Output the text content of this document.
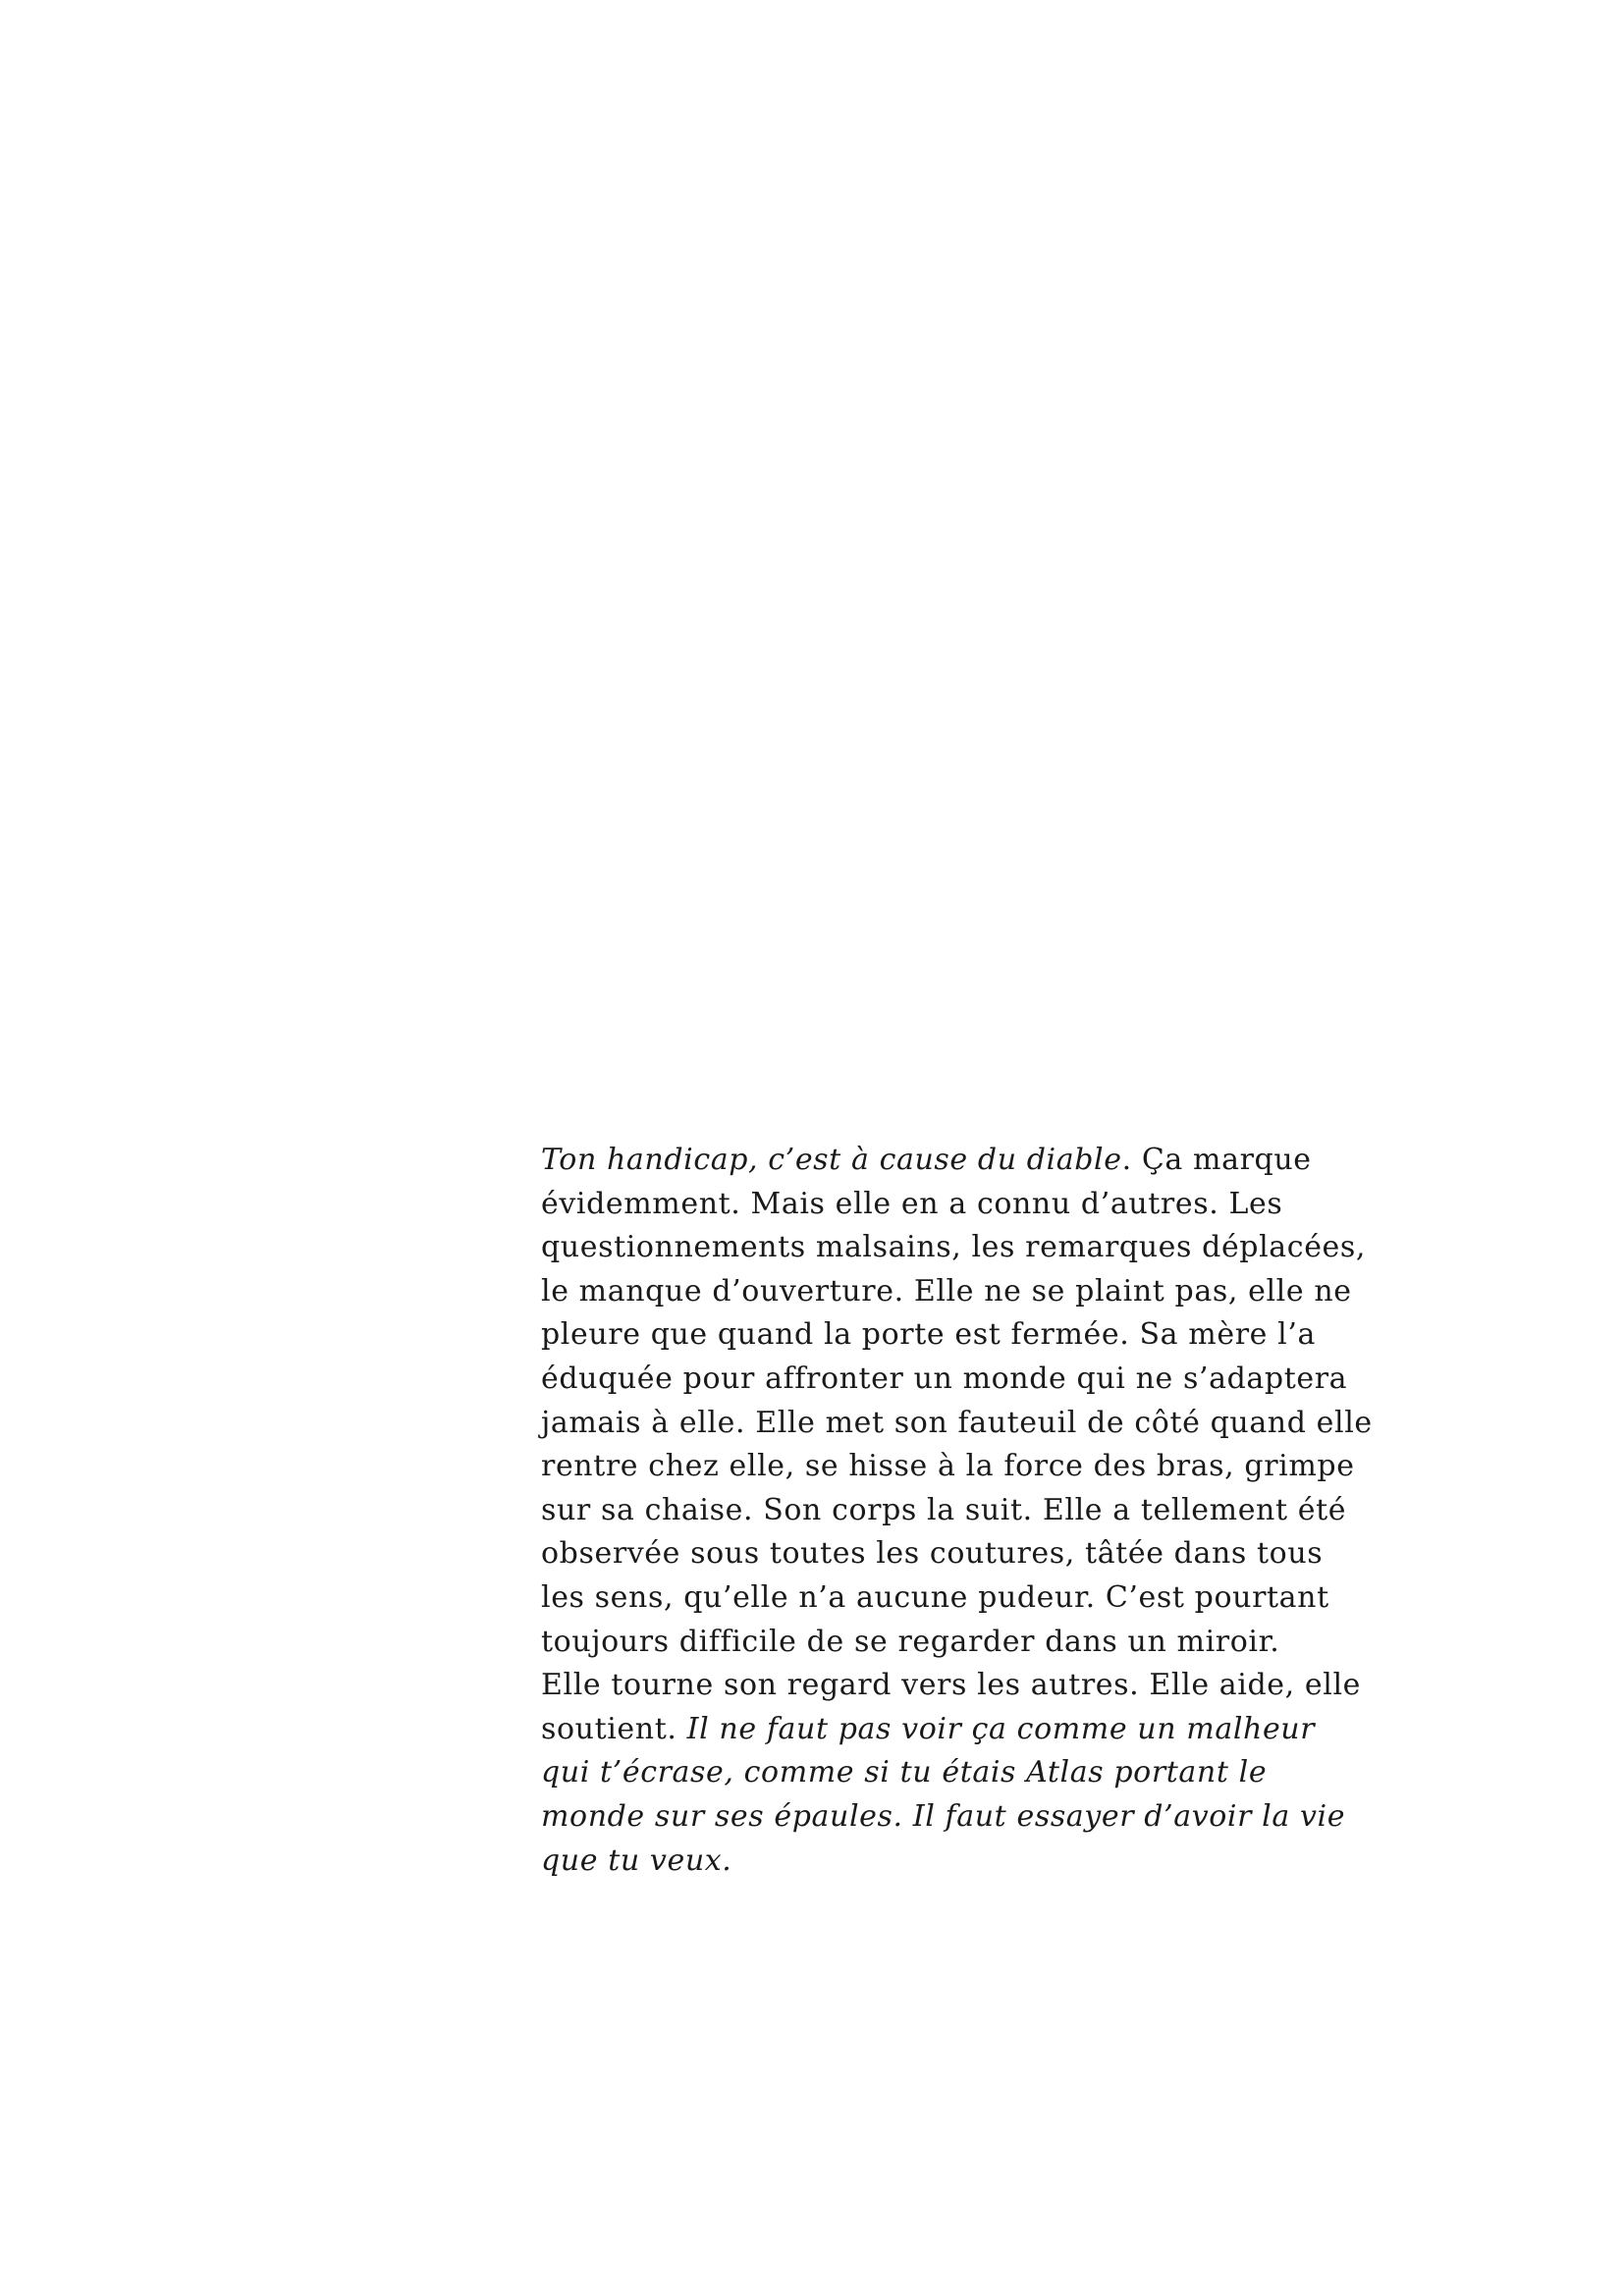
Ton handicap, c’est à cause du diable. Ça marque
évidemment. Mais elle en a connu d’autres. Les
questionnements malsains, les remarques déplacées,
le manque d’ouverture. Elle ne se plaint pas, elle ne
pleure que quand la porte est fermée. Sa mère l’a
éduquée pour affronter un monde qui ne s’adaptera
jamais à elle. Elle met son fauteuil de côté quand elle
rentre chez elle, se hisse à la force des bras, grimpe
sur sa chaise. Son corps la suit. Elle a tellement été
observée sous toutes les coutures, tâtée dans tous
les sens, qu’elle n’a aucune pudeur. C’est pourtant
toujours difficile de se regarder dans un miroir.
Elle tourne son regard vers les autres. Elle aide, elle
soutient. Il ne faut pas voir ça comme un malheur
qui t’écrase, comme si tu étais Atlas portant le
monde sur ses épaules. Il faut essayer d’avoir la vie
que tu veux.
